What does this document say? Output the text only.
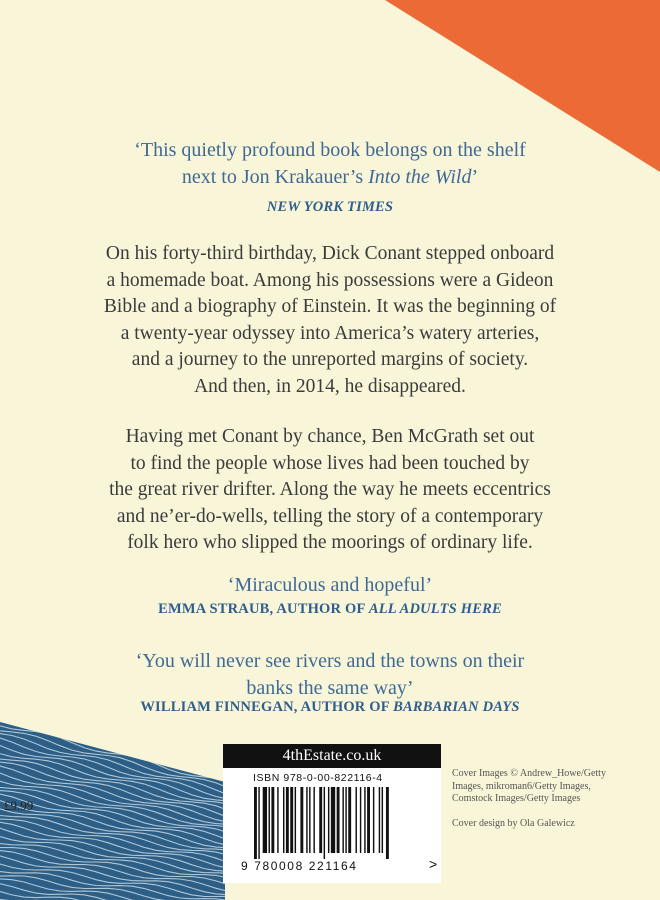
‘This quietly profound book belongs on the shelf
next to Jon Krakauer’s Into the Wild’
NEW YORK TIMES
On his forty-third birthday, Dick Conant stepped onboard
a homemade boat. Among his possessions were a Gideon
Bible and a biography of Einstein. It was the beginning of
a twenty-year odyssey into America’s watery arteries,
and a journey to the unreported margins of society.
And then, in 2014, he disappeared.
Having met Conant by chance, Ben McGrath set out
to find the people whose lives had been touched by
the great river drifter. Along the way he meets eccentrics
and ne’er-do-wells, telling the story of a contemporary
folk hero who slipped the moorings of ordinary life.
‘Miraculous and hopeful’
EMMA STRAUB, AUTHOR OF ALL ADULTS HERE
‘You will never see rivers and the towns on their
banks the same way’
WILLIAM FINNEGAN, AUTHOR OF BARBARIAN DAYS
4thEstate.co.uk
ISBN 978-0-00-822116-4
9 780008 221164	>
£9.99
Cover Images © Andrew_Howe/Getty
Images, mikroman6/Getty Images,
Comstock Images/Getty Images
Cover design by Ola Galewicz
